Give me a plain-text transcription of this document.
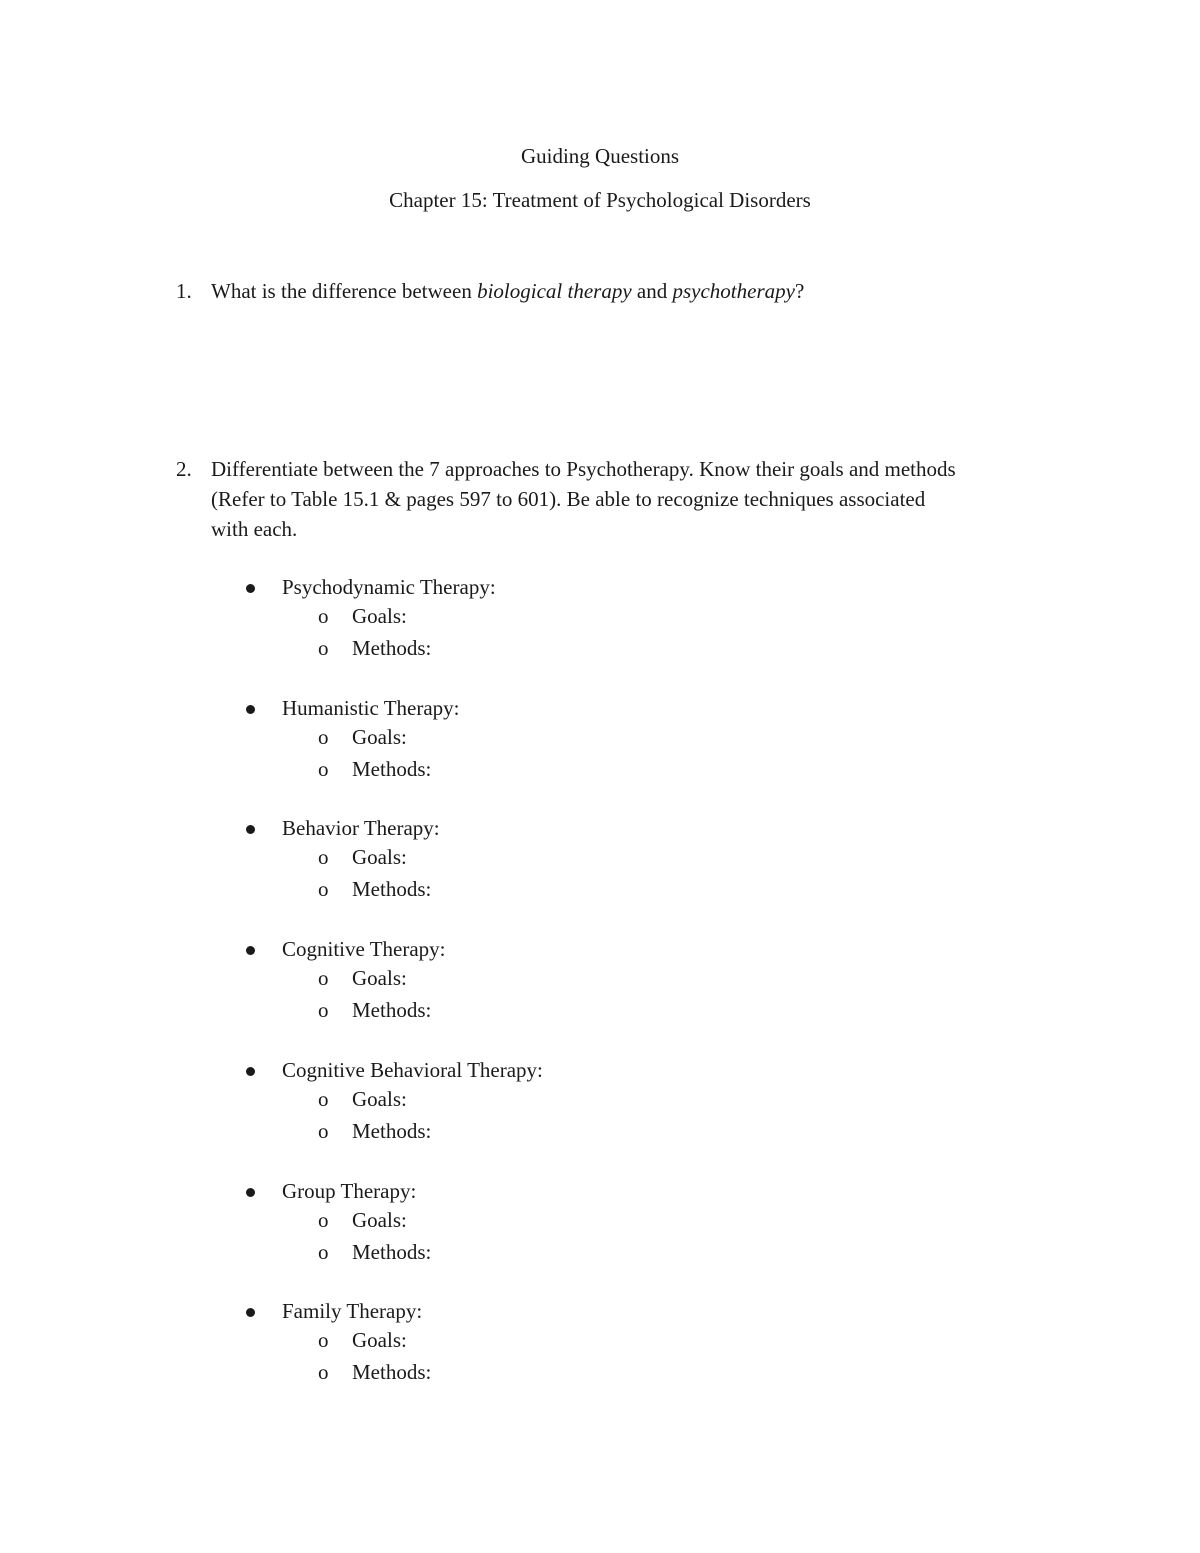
Guiding Questions
Chapter 15: Treatment of Psychological Disorders
1. What is the difference between biological therapy and psychotherapy?
2. Differentiate between the 7 approaches to Psychotherapy. Know their goals and methods
(Refer to Table 15.1 & pages 597 to 601). Be able to recognize techniques associated
with each.
Psychodynamic Therapy:
o Goals:
o Methods:
Humanistic Therapy:
o Goals:
o Methods:
Behavior Therapy:
o Goals:
o Methods:
Cognitive Therapy:
o Goals:
o Methods:
Cognitive Behavioral Therapy:
o Goals:
o Methods:
Group Therapy:
o Goals:
o Methods:
Family Therapy:
o Goals:
o Methods:
